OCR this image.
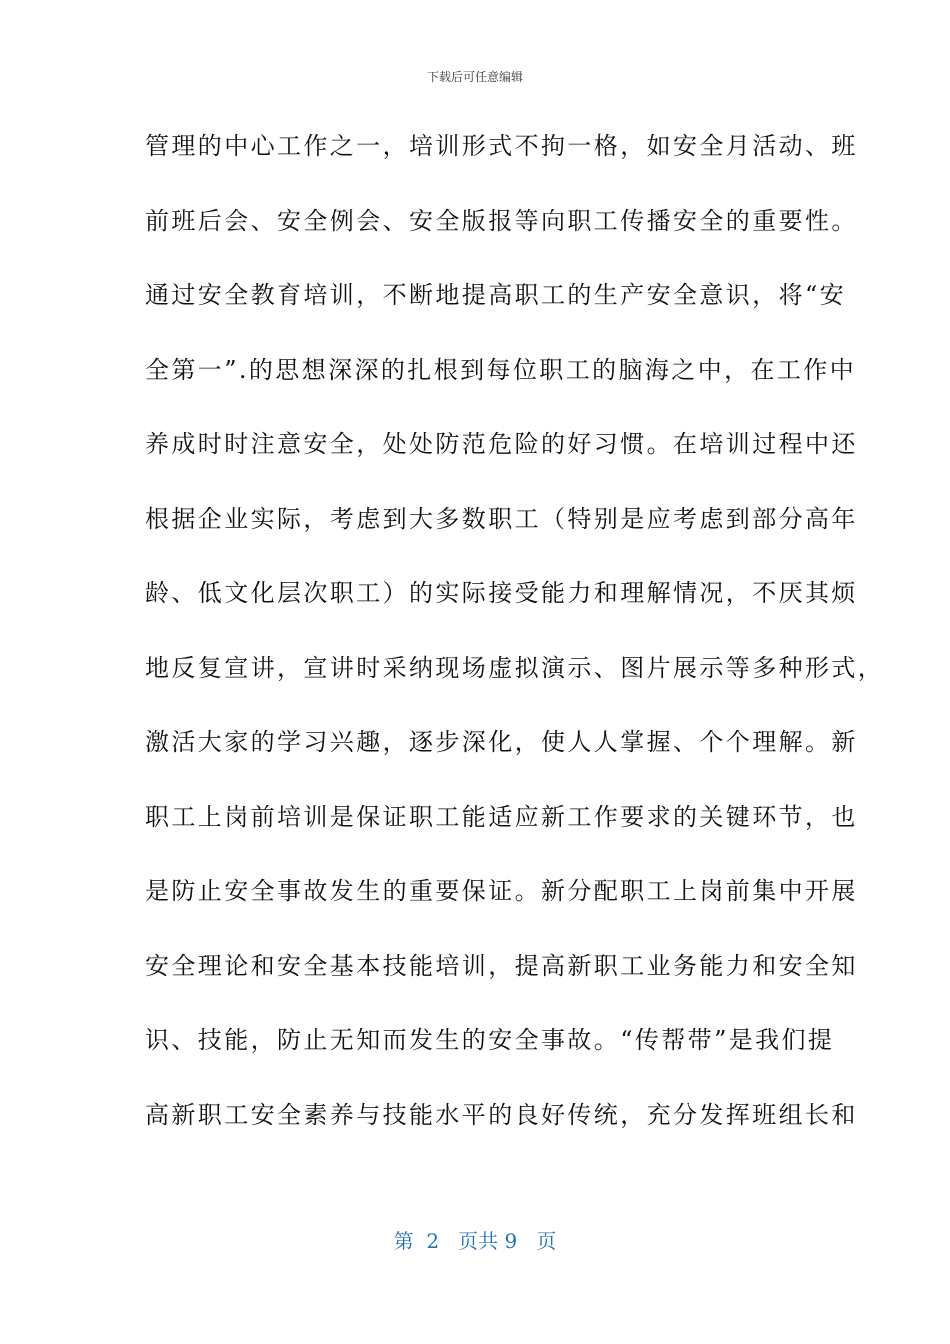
下载后可任意编辑
管理的中心工作之一，培训形式不拘一格，如安全月活动、班
前班后会、安全例会、安全版报等向职工传播安全的重要性。
通过安全教育培训，不断地提高职工的生产安全意识，将“安
全第一”.的思想深深的扎根到每位职工的脑海之中，在工作中
养成时时注意安全，处处防范危险的好习惯。在培训过程中还
根据企业实际，考虑到大多数职工（特别是应考虑到部分高年
龄、低文化层次职工）的实际接受能力和理解情况，不厌其烦
地反复宣讲，宣讲时采纳现场虚拟演示、图片展示等多种形式，
激活大家的学习兴趣，逐步深化，使人人掌握、个个理解。新
职工上岗前培训是保证职工能适应新工作要求的关键环节，也
是防止安全事故发生的重要保证。新分配职工上岗前集中开展
安全理论和安全基本技能培训，提高新职工业务能力和安全知
识、技能，防止无知而发生的安全事故。“传帮带”是我们提
高新职工安全素养与技能水平的良好传统，充分发挥班组长和
第  2   页共 9   页
